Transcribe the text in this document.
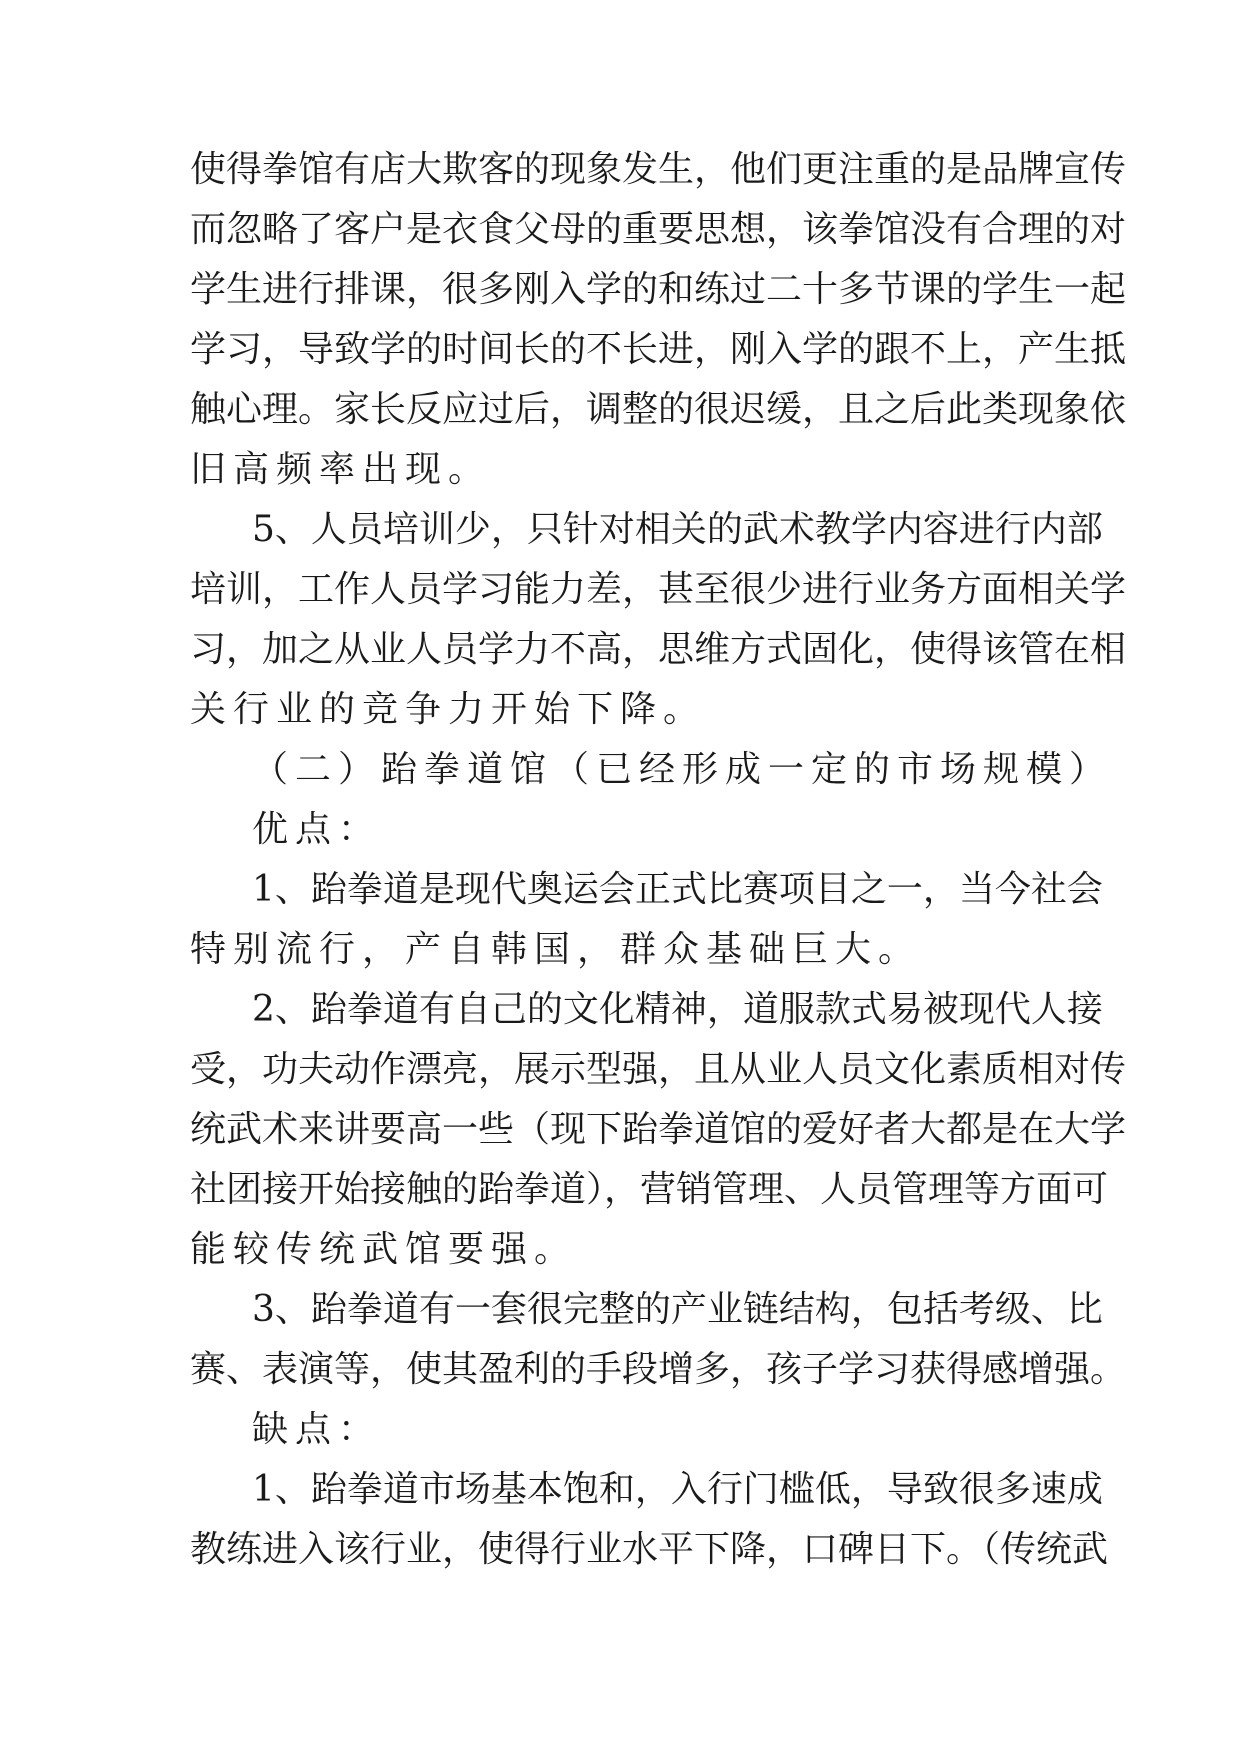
使得拳馆有店大欺客的现象发生，他们更注重的是品牌宣传
而忽略了客户是衣食父母的重要思想，该拳馆没有合理的对
学生进行排课，很多刚入学的和练过二十多节课的学生一起
学习，导致学的时间长的不长进，刚入学的跟不上，产生抵
触心理。家长反应过后，调整的很迟缓，且之后此类现象依
旧高频率出现。
5、人员培训少，只针对相关的武术教学内容进行内部
培训，工作人员学习能力差，甚至很少进行业务方面相关学
习，加之从业人员学力不高，思维方式固化，使得该管在相
关行业的竞争力开始下降。
（二）跆拳道馆（已经形成一定的市场规模）
优点：
1、跆拳道是现代奥运会正式比赛项目之一，当今社会
特别流行，产自韩国，群众基础巨大。
2、跆拳道有自己的文化精神，道服款式易被现代人接
受，功夫动作漂亮，展示型强，且从业人员文化素质相对传
统武术来讲要高一些（现下跆拳道馆的爱好者大都是在大学
社团接开始接触的跆拳道），营销管理、人员管理等方面可
能较传统武馆要强。
3、跆拳道有一套很完整的产业链结构，包括考级、比
赛、表演等，使其盈利的手段增多，孩子学习获得感增强。
缺点：
1、跆拳道市场基本饱和，入行门槛低，导致很多速成
教练进入该行业，使得行业水平下降，口碑日下。（传统武
